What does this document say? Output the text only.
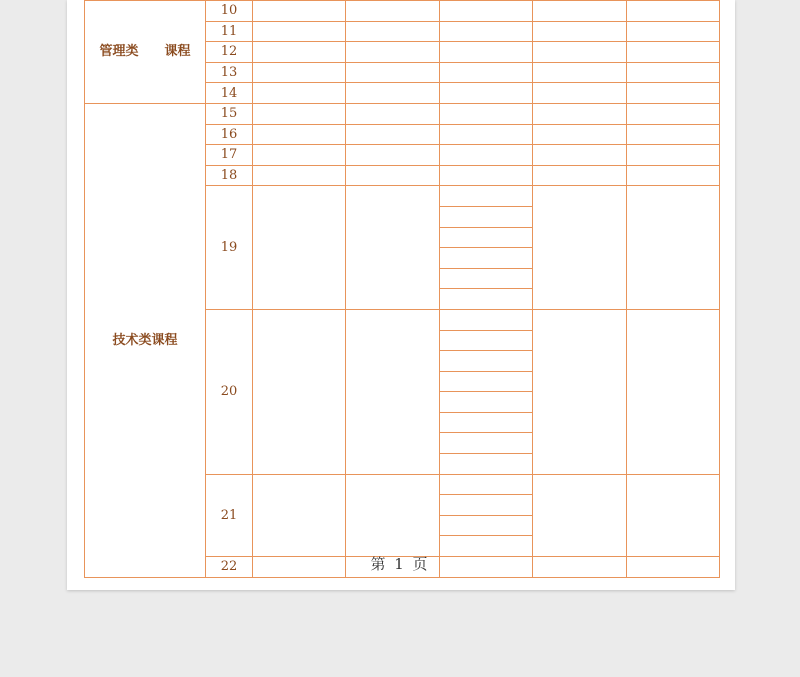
管理类　　课程	10					
	11					
	12					
	13					
	14					
技术类课程	15					
	16					
	17					
	18					
	19					

	20					

	21					

	22						第 1 页
